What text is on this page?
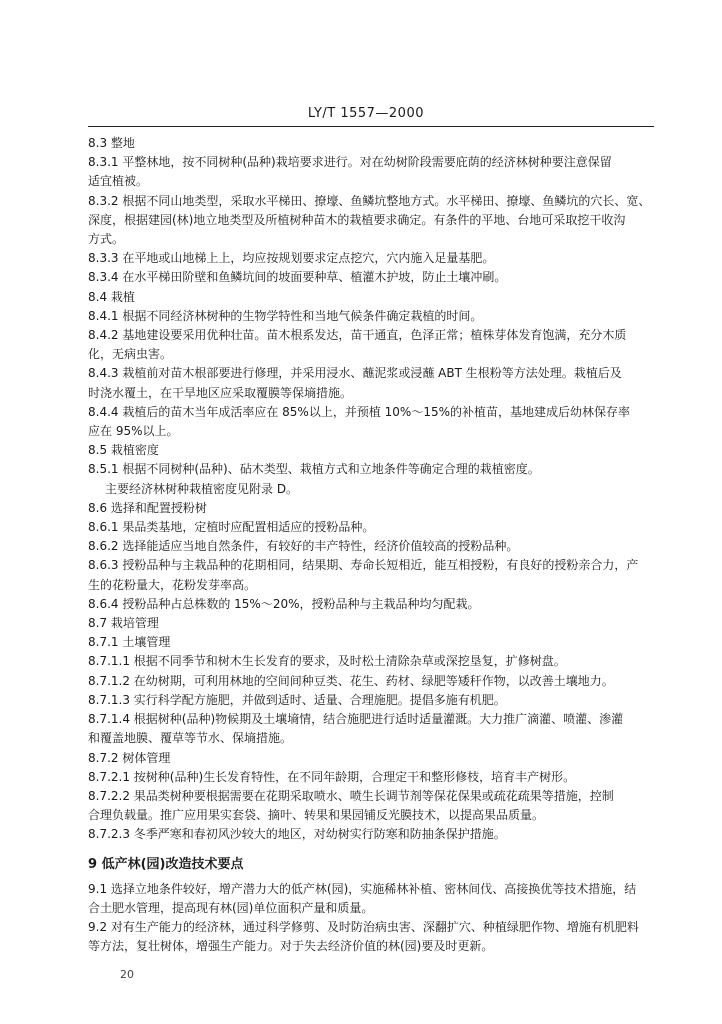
LY/T 1557—2000
8.3 整地
8.3.1 平整林地，按不同树种(品种)栽培要求进行。对在幼树阶段需要庇荫的经济林树种要注意保留
适宜植被。
8.3.2 根据不同山地类型，采取水平梯田、撩壕、鱼鳞坑整地方式。水平梯田、撩壕、鱼鳞坑的穴长、宽、
深度，根据建园(林)地立地类型及所植树种苗木的栽植要求确定。有条件的平地、台地可采取挖干收沟
方式。
8.3.3 在平地或山地梯上上，均应按规划要求定点挖穴，穴内施入足量基肥。
8.3.4 在水平梯田阶壁和鱼鳞坑间的坡面要种草、植灌木护坡，防止土壤冲刷。
8.4 栽植
8.4.1 根据不同经济林树种的生物学特性和当地气候条件确定栽植的时间。
8.4.2 基地建设要采用优种壮苗。苗木根系发达，苗干通直，色泽正常；植株芽体发育饱满，充分木质
化，无病虫害。
8.4.3 栽植前对苗木根部要进行修理，并采用浸水、蘸泥浆或浸蘸 ABT 生根粉等方法处理。栽植后及
时浇水覆土，在干旱地区应采取覆膜等保墒措施。
8.4.4 栽植后的苗木当年成活率应在 85%以上，并预植 10%～15%的补植苗，基地建成后幼林保存率
应在 95%以上。
8.5 栽植密度
8.5.1 根据不同树种(品种)、砧木类型、栽植方式和立地条件等确定合理的栽植密度。
主要经济林树种栽植密度见附录 D。
8.6 选择和配置授粉树
8.6.1 果品类基地，定植时应配置相适应的授粉品种。
8.6.2 选择能适应当地自然条件，有较好的丰产特性，经济价值较高的授粉品种。
8.6.3 授粉品种与主栽品种的花期相同，结果期、寿命长短相近，能互相授粉，有良好的授粉亲合力，产
生的花粉量大，花粉发芽率高。
8.6.4 授粉品种占总株数的 15%～20%，授粉品种与主栽品种均匀配栽。
8.7 栽培管理
8.7.1 土壤管理
8.7.1.1 根据不同季节和树木生长发育的要求，及时松土清除杂草或深挖垦复，扩修树盘。
8.7.1.2 在幼树期，可利用林地的空间间种豆类、花生、药材、绿肥等矮秆作物，以改善土壤地力。
8.7.1.3 实行科学配方施肥，并做到适时、适量、合理施肥。提倡多施有机肥。
8.7.1.4 根据树种(品种)物候期及土壤墒情，结合施肥进行适时适量灌溉。大力推广滴灌、喷灌、渗灌
和覆盖地膜、覆草等节水、保墒措施。
8.7.2 树体管理
8.7.2.1 按树种(品种)生长发育特性，在不同年龄期，合理定干和整形修枝，培育丰产树形。
8.7.2.2 果品类树种要根据需要在花期采取喷水、喷生长调节剂等保花保果或疏花疏果等措施，控制
合理负载量。推广应用果实套袋、摘叶、转果和果园铺反光膜技术，以提高果品质量。
8.7.2.3 冬季严寒和春初风沙较大的地区，对幼树实行防寒和防抽条保护措施。
9 低产林(园)改造技术要点
9.1 选择立地条件较好，增产潜力大的低产林(园)，实施稀林补植、密林间伐、高接换优等技术措施，结
合土肥水管理，提高现有林(园)单位面积产量和质量。
9.2 对有生产能力的经济林，通过科学修剪、及时防治病虫害、深翻扩穴、种植绿肥作物、增施有机肥料
等方法，复壮树体，增强生产能力。对于失去经济价值的林(园)要及时更新。
20
